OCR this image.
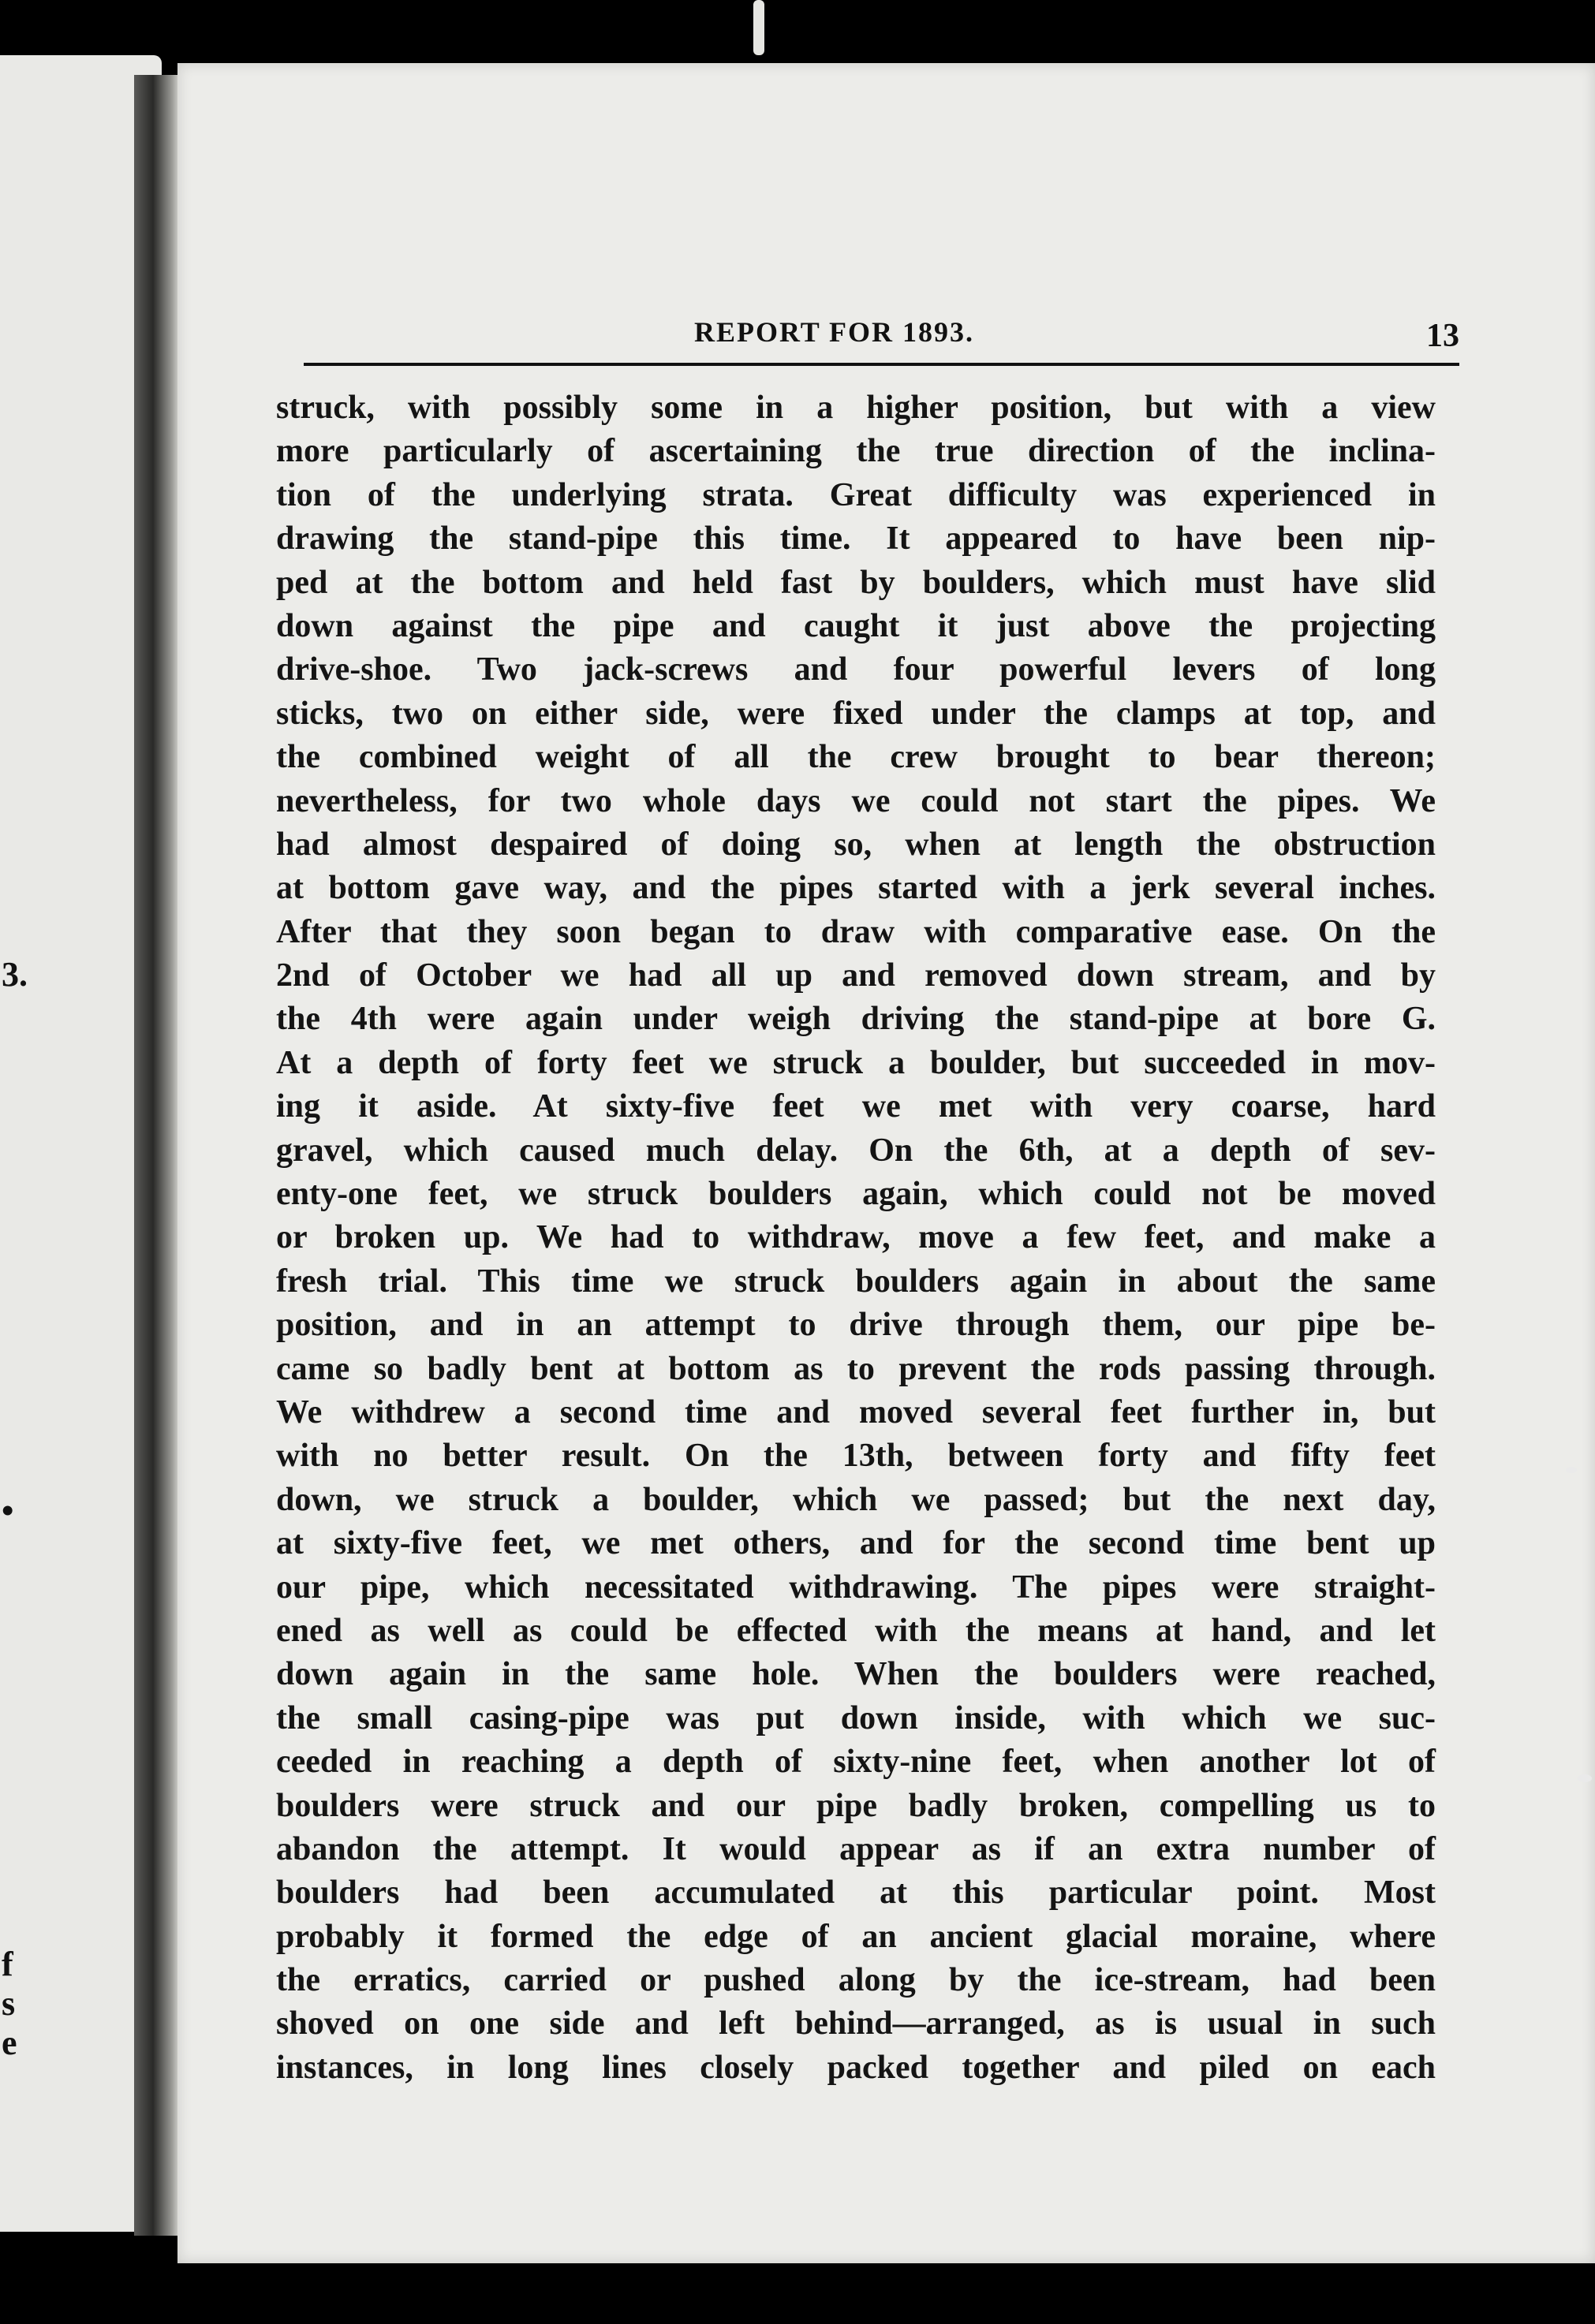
3.
•
f
s
e
REPORT FOR 1893.	13
struck, with possibly some in a higher position, but with a view
more particularly of ascertaining the true direction of the inclina-
tion of the underlying strata. Great difficulty was experienced in
drawing the stand-pipe this time. It appeared to have been nip-
ped at the bottom and held fast by boulders, which must have slid
down against the pipe and caught it just above the projecting
drive-shoe. Two jack-screws and four powerful levers of long
sticks, two on either side, were fixed under the clamps at top, and
the combined weight of all the crew brought to bear thereon;
nevertheless, for two whole days we could not start the pipes. We
had almost despaired of doing so, when at length the obstruction
at bottom gave way, and the pipes started with a jerk several inches.
After that they soon began to draw with comparative ease. On the
2nd of October we had all up and removed down stream, and by
the 4th were again under weigh driving the stand-pipe at bore G.
At a depth of forty feet we struck a boulder, but succeeded in mov-
ing it aside. At sixty-five feet we met with very coarse, hard
gravel, which caused much delay. On the 6th, at a depth of sev-
enty-one feet, we struck boulders again, which could not be moved
or broken up. We had to withdraw, move a few feet, and make a
fresh trial. This time we struck boulders again in about the same
position, and in an attempt to drive through them, our pipe be-
came so badly bent at bottom as to prevent the rods passing through.
We withdrew a second time and moved several feet further in, but
with no better result. On the 13th, between forty and fifty feet
down, we struck a boulder, which we passed; but the next day,
at sixty-five feet, we met others, and for the second time bent up
our pipe, which necessitated withdrawing. The pipes were straight-
ened as well as could be effected with the means at hand, and let
down again in the same hole. When the boulders were reached,
the small casing-pipe was put down inside, with which we suc-
ceeded in reaching a depth of sixty-nine feet, when another lot of
boulders were struck and our pipe badly broken, compelling us to
abandon the attempt. It would appear as if an extra number of
boulders had been accumulated at this particular point. Most
probably it formed the edge of an ancient glacial moraine, where
the erratics, carried or pushed along by the ice-stream, had been
shoved on one side and left behind—arranged, as is usual in such
instances, in long lines closely packed together and piled on each
